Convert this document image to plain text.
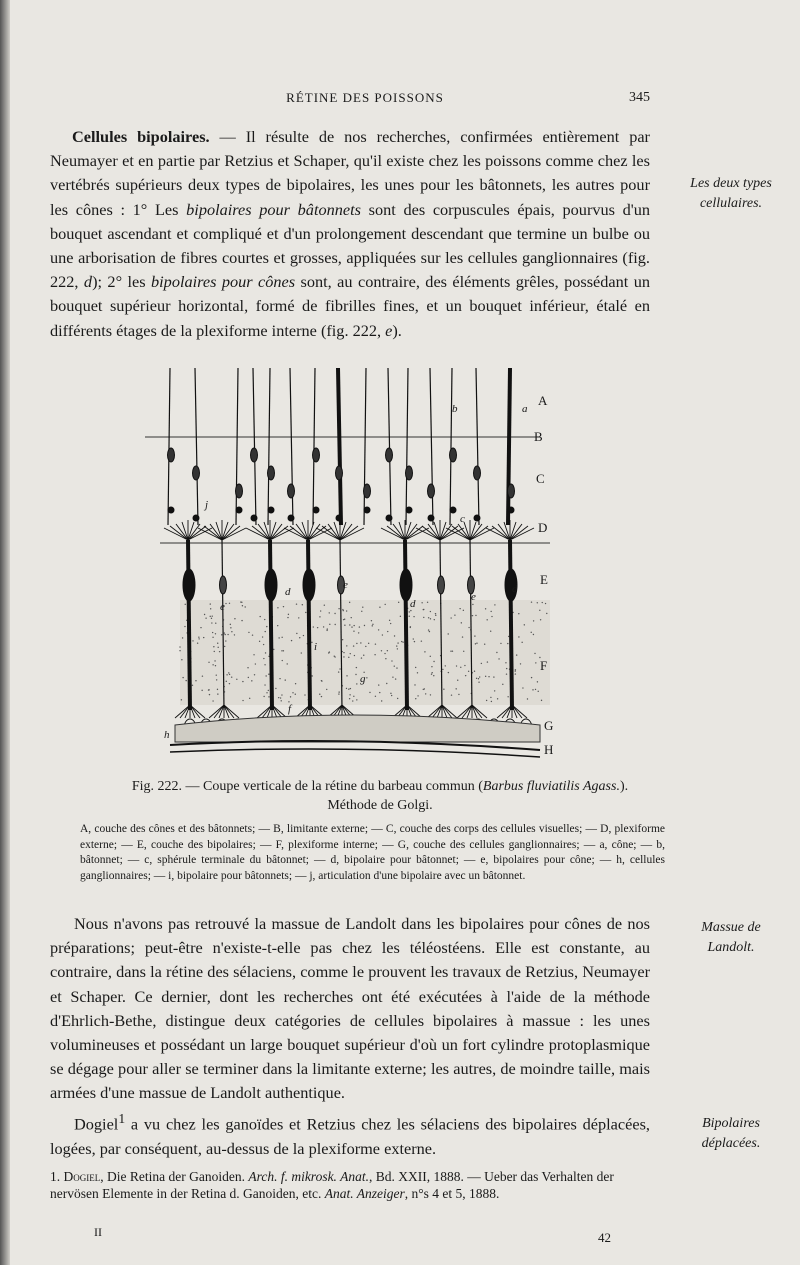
RÉTINE DES POISSONS	345
Cellules bipolaires. — Il résulte de nos recherches, confirmées entièrement par Neumayer et en partie par Retzius et Schaper, qu'il existe chez les poissons comme chez les vertébrés supérieurs deux types de bipolaires, les unes pour les bâtonnets, les autres pour les cônes : 1° Les bipolaires pour bâtonnets sont des corpuscules épais, pourvus d'un bouquet ascendant et compliqué et d'un prolongement descendant que termine un bulbe ou une arborisation de fibres courtes et grosses, appliquées sur les cellules ganglionnaires (fig. 222, d); 2° les bipolaires pour cônes sont, au contraire, des éléments grêles, possédant un bouquet supérieur horizontal, formé de fibrilles fines, et un bouquet inférieur, étalé en différents étages de la plexiforme interne (fig. 222, e).
Les deux types cellulaires.
A
B
C
D
E
F
G
H
a
b
c
d
d
d
e
e
e
f
g
h
i
j
Fig. 222. — Coupe verticale de la rétine du barbeau commun (Barbus fluviatilis Agass.).
Méthode de Golgi.
A, couche des cônes et des bâtonnets; — B, limitante externe; — C, couche des corps des cellules visuelles; — D, plexiforme externe; — E, couche des bipolaires; — F, plexiforme interne; — G, couche des cellules ganglionnaires; — a, cône; — b, bâtonnet; — c, sphérule terminale du bâtonnet; — d, bipolaire pour bâtonnet; — e, bipolaires pour cône; — h, cellules ganglionnaires; — i, bipolaire pour bâtonnets; — j, articulation d'une bipolaire avec un bâtonnet.
Nous n'avons pas retrouvé la massue de Landolt dans les bipolaires pour cônes de nos préparations; peut-être n'existe-t-elle pas chez les téléostéens. Elle est constante, au contraire, dans la rétine des sélaciens, comme le prouvent les travaux de Retzius, Neumayer et Schaper. Ce dernier, dont les recherches ont été exécutées à l'aide de la méthode d'Ehrlich-Bethe, distingue deux catégories de cellules bipolaires à massue : les unes volumineuses et possédant un large bouquet supérieur d'où un fort cylindre protoplasmique se dégage pour aller se terminer dans la limitante externe; les autres, de moindre taille, mais armées d'une massue de Landolt authentique.
Massue de Landolt.
Dogiel$^1$ a vu chez les ganoïdes et Retzius chez les sélaciens des bipolaires déplacées, logées, par conséquent, au-dessus de la plexiforme externe.
Bipolaires déplacées.
1. Dogiel, Die Retina der Ganoiden. Arch. f. mikrosk. Anat., Bd. XXII, 1888. — Ueber das Verhalten der nervösen Elemente in der Retina d. Ganoiden, etc. Anat. Anzeiger, n°s 4 et 5, 1888.
II	42
